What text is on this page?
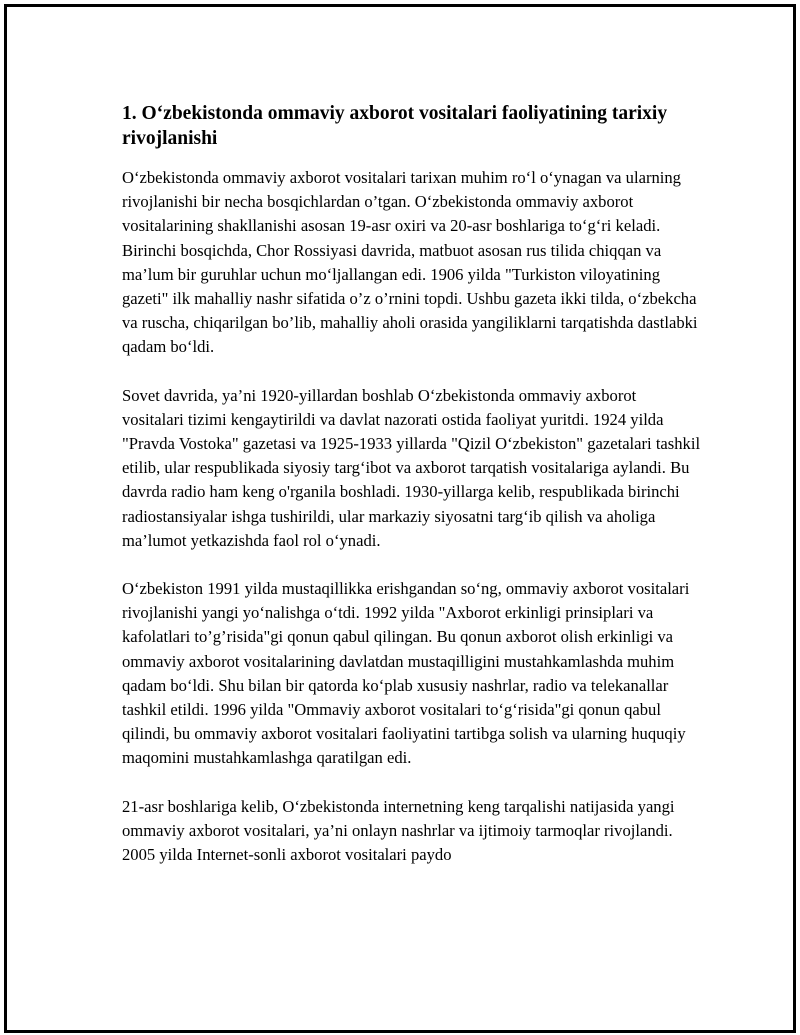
1. O‘zbekistonda ommaviy axborot vositalari faoliyatining tarixiy rivojlanishi

O‘zbekistonda ommaviy axborot vositalari tarixan muhim ro‘l o‘ynagan va ularning rivojlanishi bir necha bosqichlardan o’tgan. O‘zbekistonda ommaviy axborot vositalarining shakllanishi asosan 19-asr oxiri va 20-asr boshlariga to‘g‘ri keladi. Birinchi bosqichda, Chor Rossiyasi davrida, matbuot asosan rus tilida chiqqan va ma’lum bir guruhlar uchun mo‘ljallangan edi. 1906 yilda "Turkiston viloyatining gazeti" ilk mahalliy nashr sifatida o’z o’rnini topdi. Ushbu gazeta ikki tilda, o‘zbekcha va ruscha, chiqarilgan bo’lib, mahalliy aholi orasida yangiliklarni tarqatishda dastlabki qadam bo‘ldi.

Sovet davrida, ya’ni 1920-yillardan boshlab O‘zbekistonda ommaviy axborot vositalari tizimi kengaytirildi va davlat nazorati ostida faoliyat yuritdi. 1924 yilda "Pravda Vostoka" gazetasi va 1925-1933 yillarda "Qizil O‘zbekiston" gazetalari tashkil etilib, ular respublikada siyosiy targ‘ibot va axborot tarqatish vositalariga aylandi. Bu davrda radio ham keng o'rganila boshladi. 1930-yillarga kelib, respublikada birinchi radiostansiyalar ishga tushirildi, ular markaziy siyosatni targ‘ib qilish va aholiga ma’lumot yetkazishda faol rol o‘ynadi.

O‘zbekiston 1991 yilda mustaqillikka erishgandan so‘ng, ommaviy axborot vositalari rivojlanishi yangi yo‘nalishga o‘tdi. 1992 yilda "Axborot erkinligi prinsiplari va kafolatlari to’g’risida"gi qonun qabul qilingan. Bu qonun axborot olish erkinligi va ommaviy axborot vositalarining davlatdan mustaqilligini mustahkamlashda muhim qadam bo‘ldi. Shu bilan bir qatorda ko‘plab xususiy nashrlar, radio va telekanallar tashkil etildi. 1996 yilda "Ommaviy axborot vositalari to‘g‘risida"gi qonun qabul qilindi, bu ommaviy axborot vositalari faoliyatini tartibga solish va ularning huquqiy maqomini mustahkamlashga qaratilgan edi.

21-asr boshlariga kelib, O‘zbekistonda internetning keng tarqalishi natijasida yangi ommaviy axborot vositalari, ya’ni onlayn nashrlar va ijtimoiy tarmoqlar rivojlandi. 2005 yilda Internet-sonli axborot vositalari paydo
